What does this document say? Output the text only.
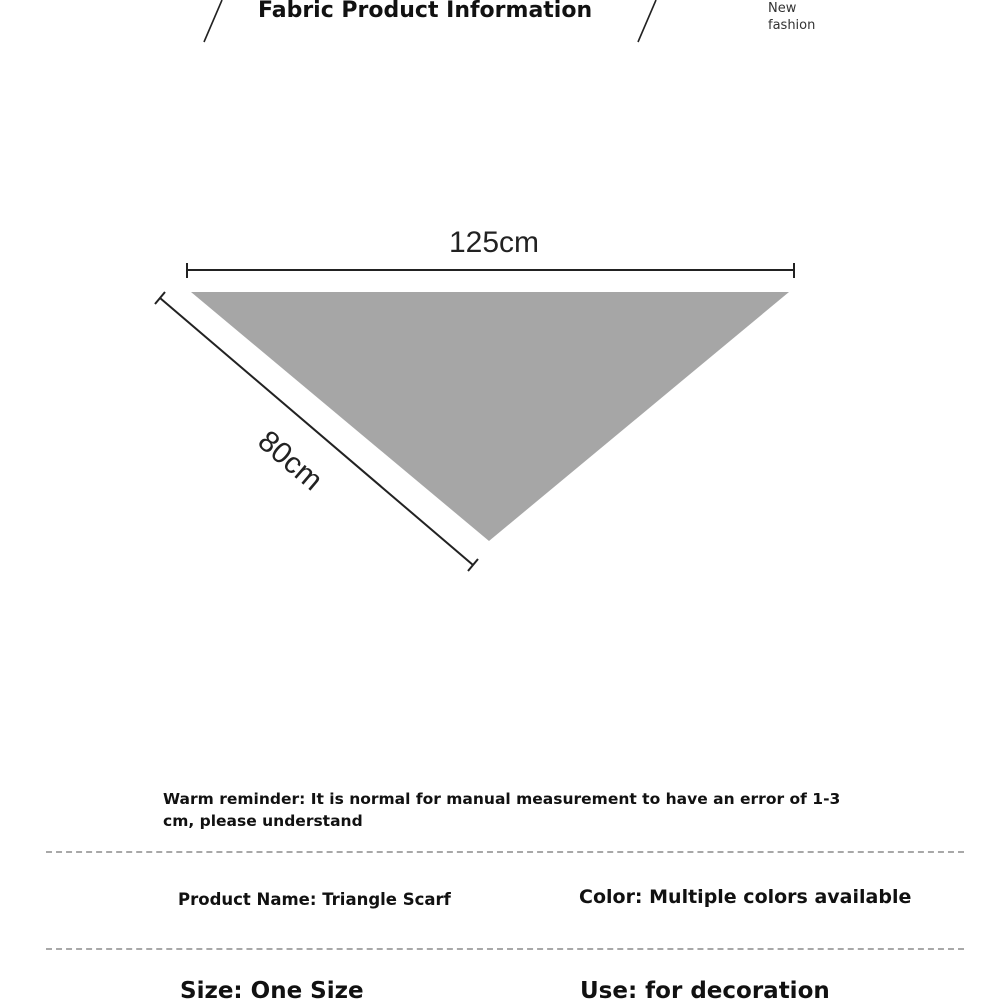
Fabric Product Information	New
fashion
125cm
80cm
Warm reminder: It is normal for manual measurement to have an error of 1-3 cm, please understand
Product Name: Triangle Scarf	Color: Multiple colors available
Size: One Size	Use: for decoration
